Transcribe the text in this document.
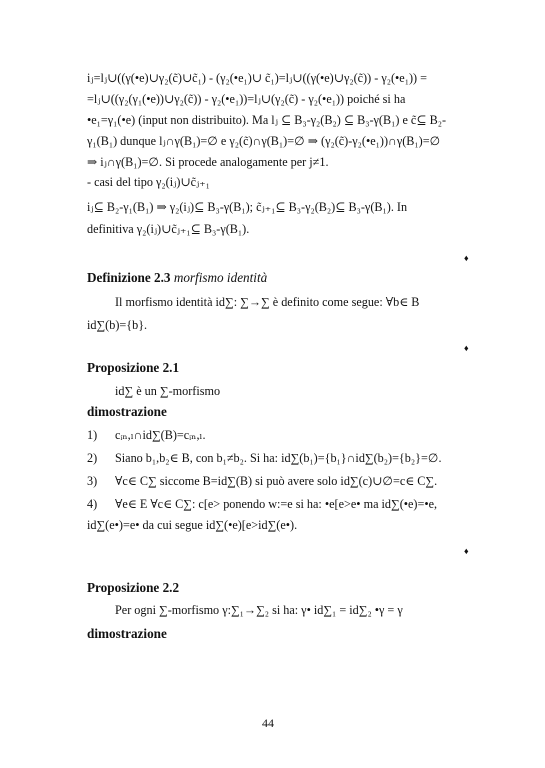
iⱼ=lⱼ∪((γ(•e)∪γ₂(c̃)∪c̃₁) - (γ₂(•e₁)∪ c̃₁)=lⱼ∪((γ(•e)∪γ₂(c̃)) - γ₂(•e₁)) =
=lⱼ∪((γ₂(γ₁(•e))∪γ₂(c̃)) - γ₂(•e₁))=lⱼ∪(γ₂(c̃) - γ₂(•e₁)) poiché si ha
•e₁=γ₁(•e) (input non distribuito). Ma lⱼ ⊆ B₃-γ₂(B₂) ⊆ B₃-γ(B₁) e c̃⊆ B₂-
γ₁(B₁) dunque lⱼ∩γ(B₁)=∅ e γ₂(c̃)∩γ(B₁)=∅ ⇒ (γ₂(c̃)-γ₂(•e₁))∩γ(B₁)=∅
⇒ iⱼ∩γ(B₁)=∅. Si procede analogamente per j≠1.
- casi del tipo γ₂(iⱼ)∪c̃ⱼ₊₁
iⱼ⊆ B₂-γ₁(B₁) ⇒ γ₂(iⱼ)⊆ B₃-γ(B₁); c̃ⱼ₊₁⊆ B₃-γ₂(B₂)⊆ B₃-γ(B₁). In
definitiva γ₂(iⱼ)∪c̃ⱼ₊₁⊆ B₃-γ(B₁).
♦
Definizione 2.3 morfismo identità
Il morfismo identità id∑: ∑→∑ è definito come segue: ∀b∈ B
id∑(b)={b}.
♦
Proposizione 2.1
id∑ è un ∑-morfismo
dimostrazione
1) cᵢₙ,ₗ∩id∑(B)=cᵢₙ,ₗ.
2) Siano b₁,b₂∈ B, con b₁≠b₂. Si ha: id∑(b₁)={b₁}∩id∑(b₂)={b₂}=∅.
3) ∀c∈ C∑ siccome B=id∑(B) si può avere solo id∑(c)∪∅=c∈ C∑.
4) ∀e∈ E ∀c∈ C∑: c[e> ponendo w:=e si ha: •e[e>e• ma id∑(•e)=•e,
id∑(e•)=e• da cui segue id∑(•e)[e>id∑(e•).
♦
Proposizione 2.2
Per ogni ∑-morfismo γ:∑₁→∑₂ si ha: γ• id∑₁ = id∑₂ •γ = γ
dimostrazione
44
